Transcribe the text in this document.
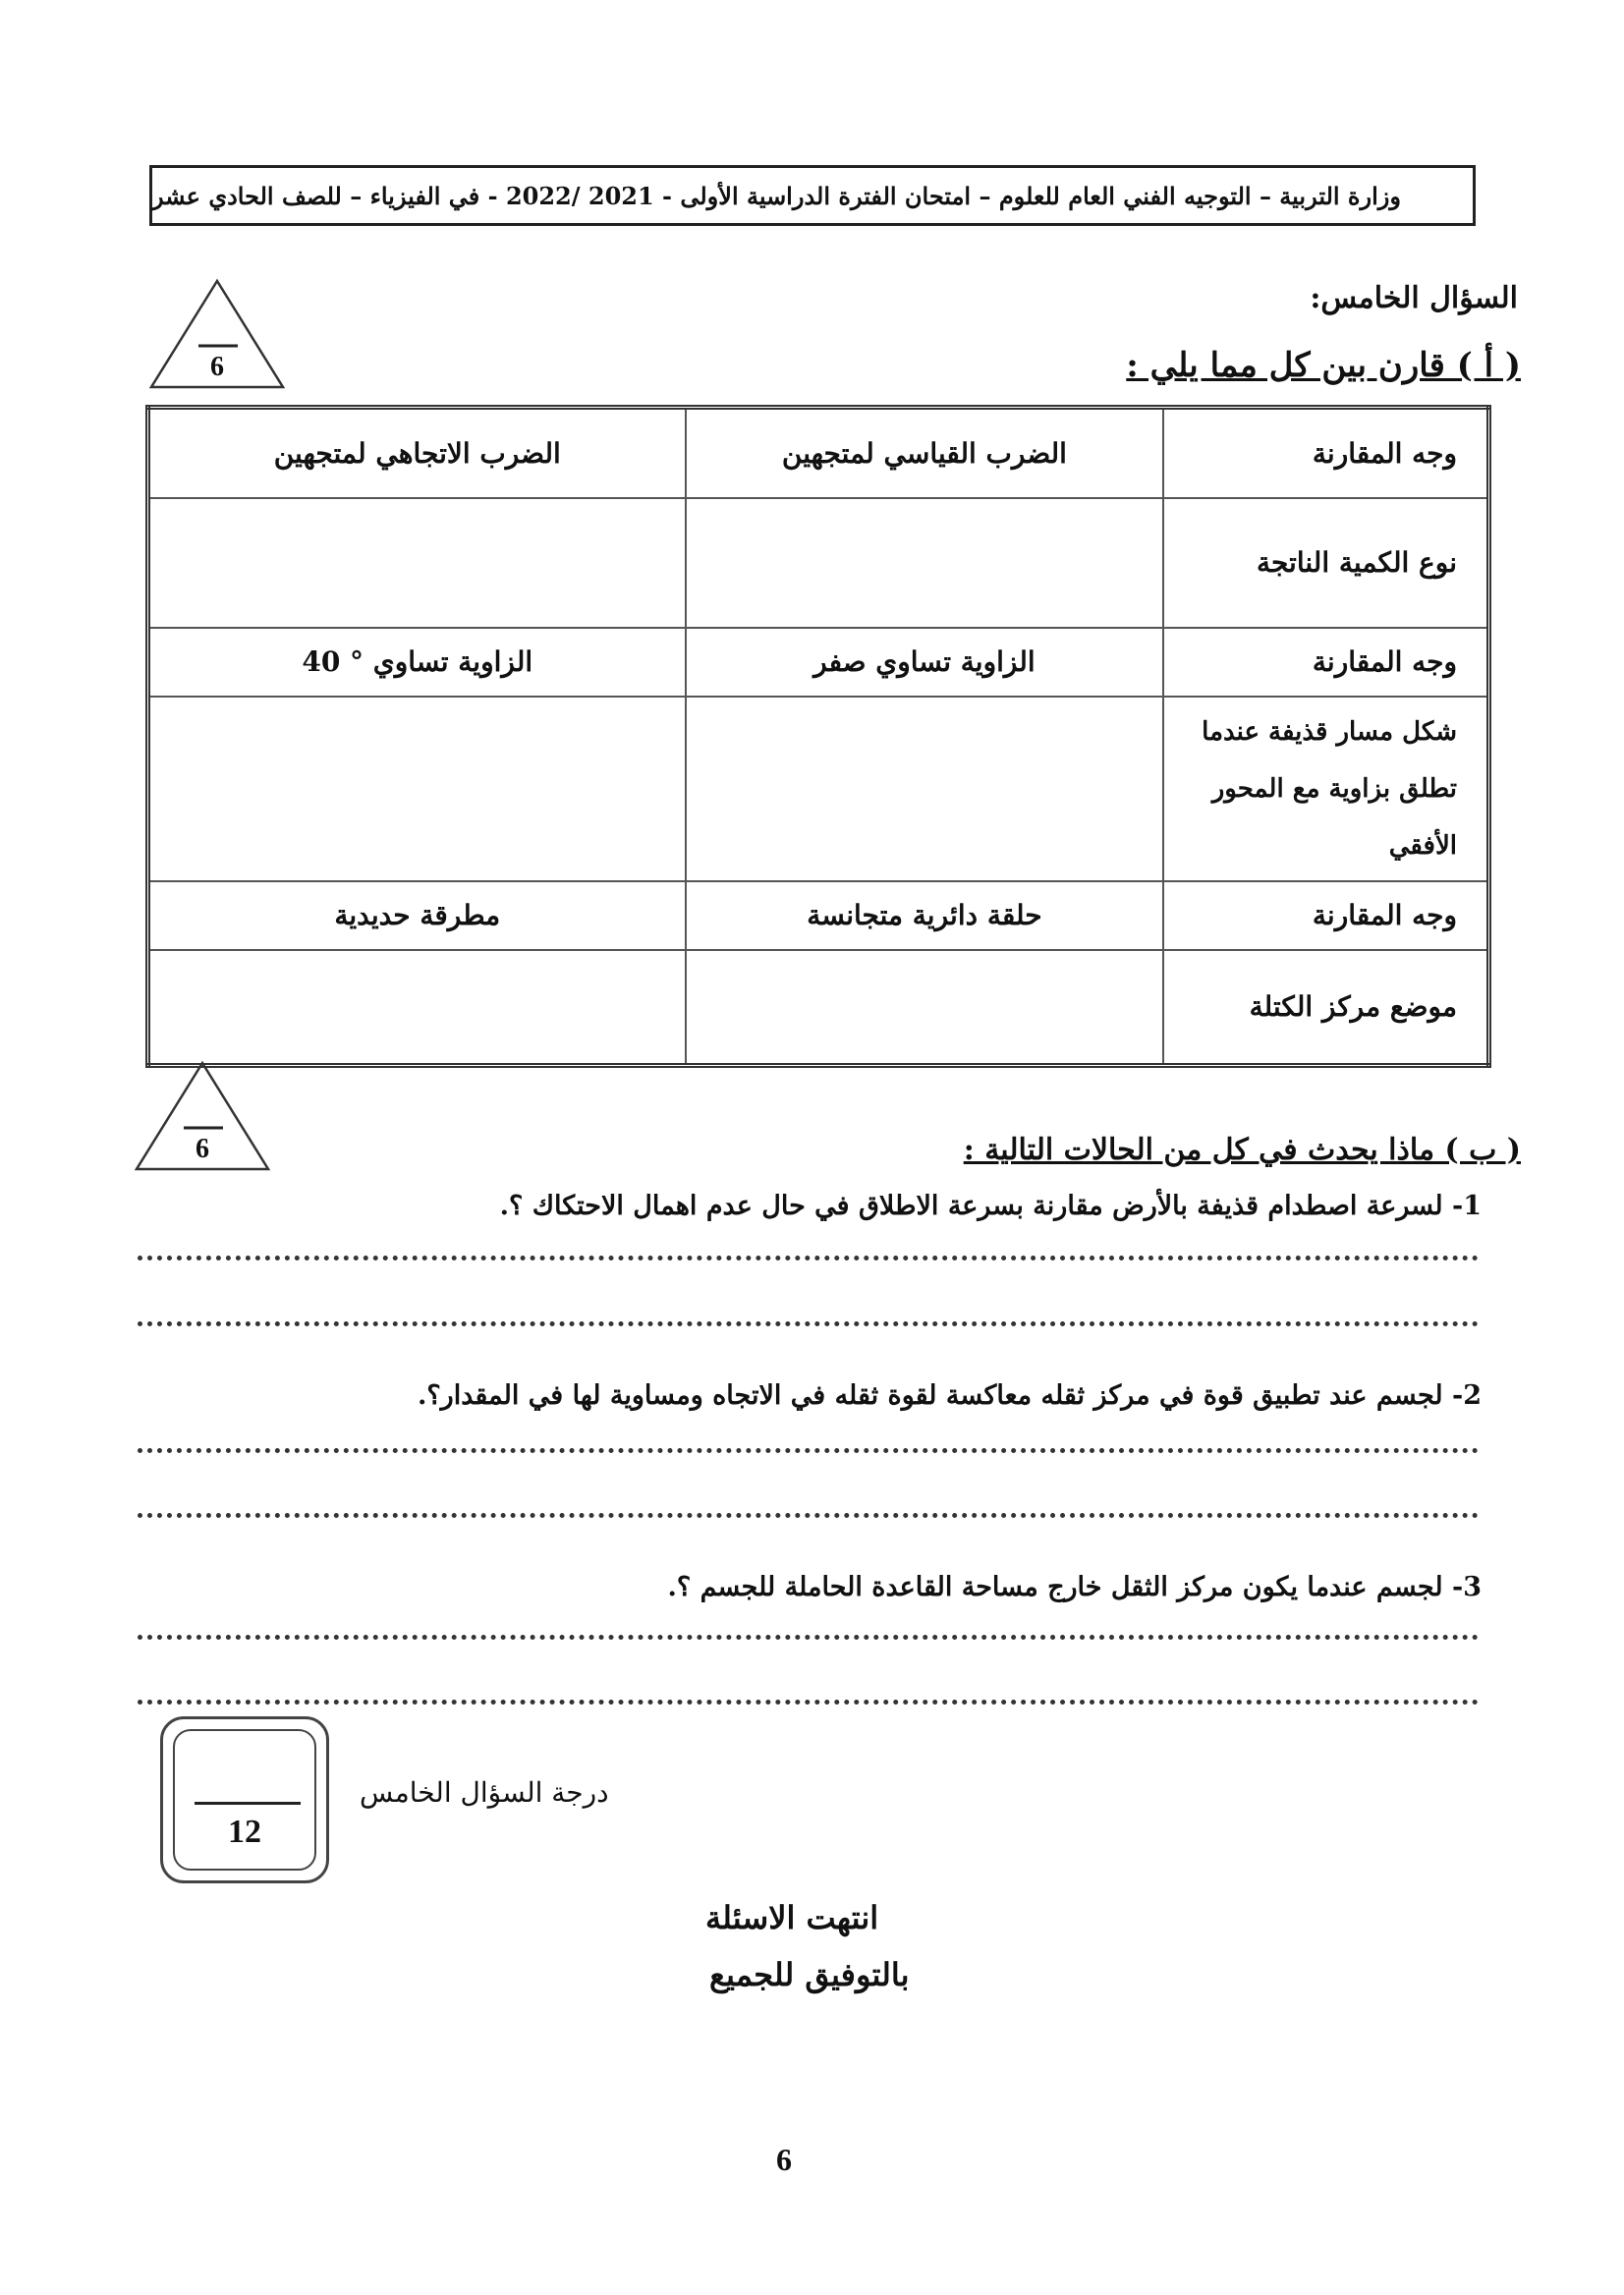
وزارة التربية – التوجيه الفني العام للعلوم – امتحان الفترة الدراسية الأولى - 2021 /2022 - في الفيزياء – للصف الحادي عشر
السؤال الخامس:
6	( أ ) قارن بين كل مما يلي :
وجه المقارنة	الضرب القياسي لمتجهين	الضرب الاتجاهي لمتجهين
نوع الكمية الناتجة		
وجه المقارنة	الزاوية تساوي صفر	الزاوية تساوي ° 40
شكل مسار قذيفة عندما تطلق بزاوية مع المحور الأفقي		
وجه المقارنة	حلقة دائرية متجانسة	مطرقة حديدية
موضع مركز الكتلة		
6	( ب ) ماذا يحدث في كل من الحالات التالية :
1- لسرعة اصطدام قذيفة بالأرض مقارنة بسرعة الاطلاق في حال عدم اهمال الاحتكاك ؟.
2- لجسم عند تطبيق قوة في مركز ثقله معاكسة لقوة ثقله في الاتجاه ومساوية لها في المقدار؟.
3- لجسم عندما يكون مركز الثقل خارج مساحة القاعدة الحاملة للجسم ؟.
12
درجة السؤال الخامس
انتهت الاسئلة
بالتوفيق للجميع
6
